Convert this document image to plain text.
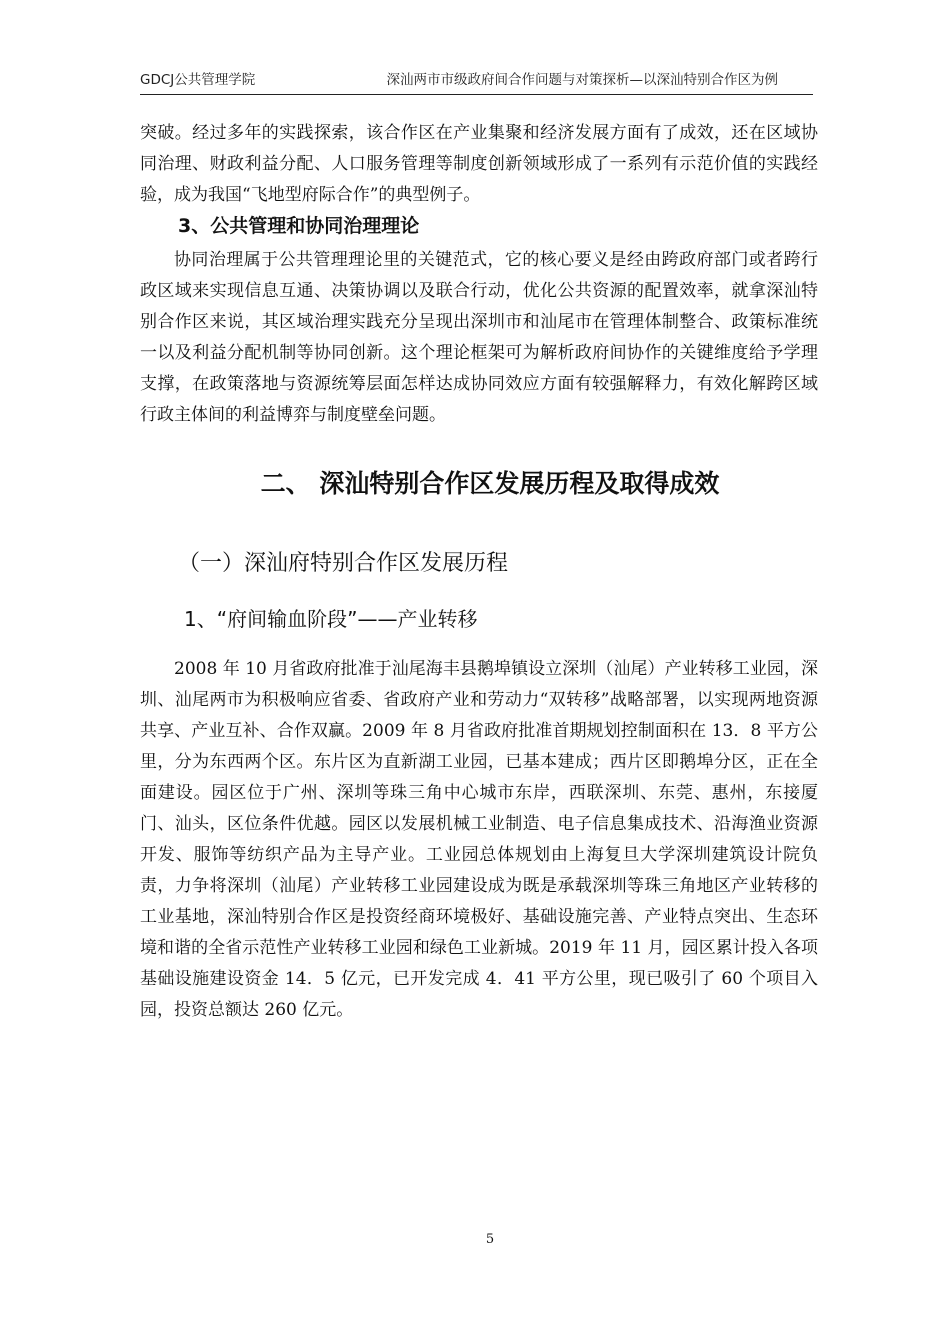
GDCJ公共管理学院	深汕两市市级政府间合作问题与对策探析—以深汕特别合作区为例

突破。经过多年的实践探索，该合作区在产业集聚和经济发展方面有了成效，还在区域协同治理、财政利益分配、人口服务管理等制度创新领域形成了一系列有示范价值的实践经验，成为我国“飞地型府际合作”的典型例子。

3、公共管理和协同治理理论

协同治理属于公共管理理论里的关键范式，它的核心要义是经由跨政府部门或者跨行政区域来实现信息互通、决策协调以及联合行动，优化公共资源的配置效率，就拿深汕特别合作区来说，其区域治理实践充分呈现出深圳市和汕尾市在管理体制整合、政策标准统一以及利益分配机制等协同创新。这个理论框架可为解析政府间协作的关键维度给予学理支撑，在政策落地与资源统筹层面怎样达成协同效应方面有较强解释力，有效化解跨区域行政主体间的利益博弈与制度壁垒问题。

二、 深汕特别合作区发展历程及取得成效
（一）深汕府特别合作区发展历程
1、“府间输血阶段”——产业转移

2008 年 10 月省政府批准于汕尾海丰县鹅埠镇设立深圳（汕尾）产业转移工业园，深圳、汕尾两市为积极响应省委、省政府产业和劳动力“双转移”战略部署，以实现两地资源共享、产业互补、合作双赢。2009 年 8 月省政府批准首期规划控制面积在 13．8 平方公里，分为东西两个区。东片区为直新湖工业园，已基本建成；西片区即鹅埠分区，正在全面建设。园区位于广州、深圳等珠三角中心城市东岸，西联深圳、东莞、惠州，东接厦门、汕头，区位条件优越。园区以发展机械工业制造、电子信息集成技术、沿海渔业资源开发、服饰等纺织产品为主导产业。工业园总体规划由上海复旦大学深圳建筑设计院负责，力争将深圳（汕尾）产业转移工业园建设成为既是承载深圳等珠三角地区产业转移的工业基地，深汕特别合作区是投资经商环境极好、基础设施完善、产业特点突出、生态环境和谐的全省示范性产业转移工业园和绿色工业新城。2019 年 11 月，园区累计投入各项基础设施建设资金 14．5 亿元，已开发完成 4．41 平方公里，现已吸引了 60 个项目入园，投资总额达 260 亿元。

5
